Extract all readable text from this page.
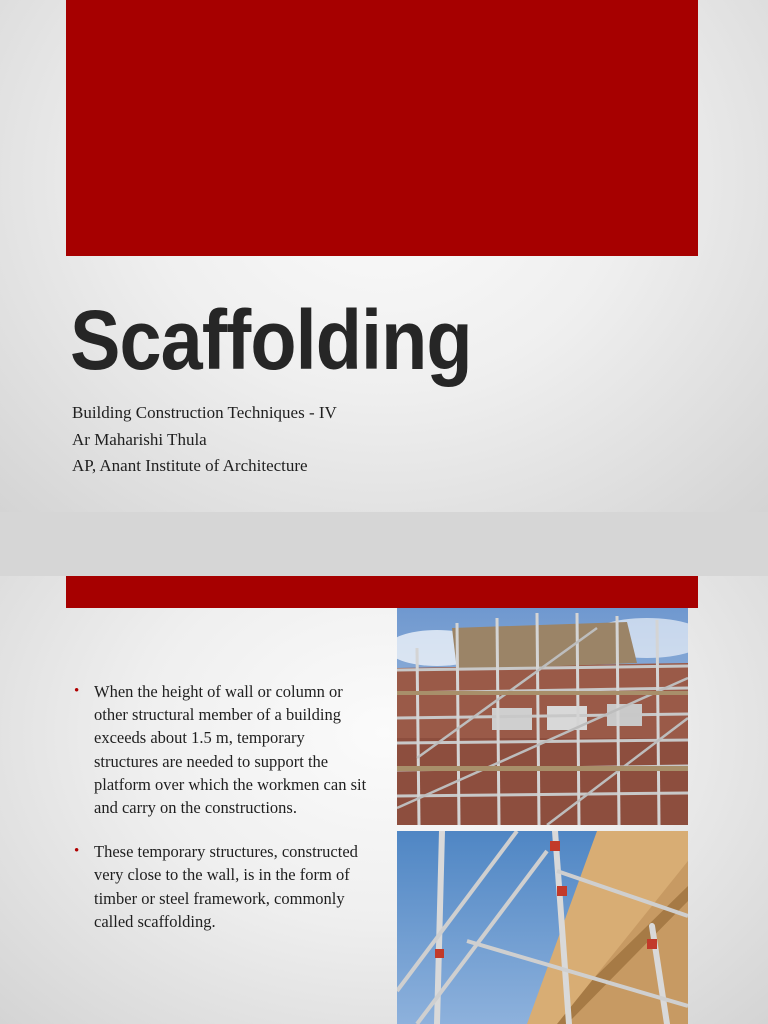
Scaffolding
Building Construction Techniques - IV
Ar Maharishi Thula
AP, Anant Institute of Architecture
• When the height of wall or column or other structural member of a building exceeds about 1.5 m, temporary structures are needed to support the platform over which the workmen can sit and carry on the constructions.
• These temporary structures, constructed very close to the wall, is in the form of timber or steel framework, commonly called scaffolding.
